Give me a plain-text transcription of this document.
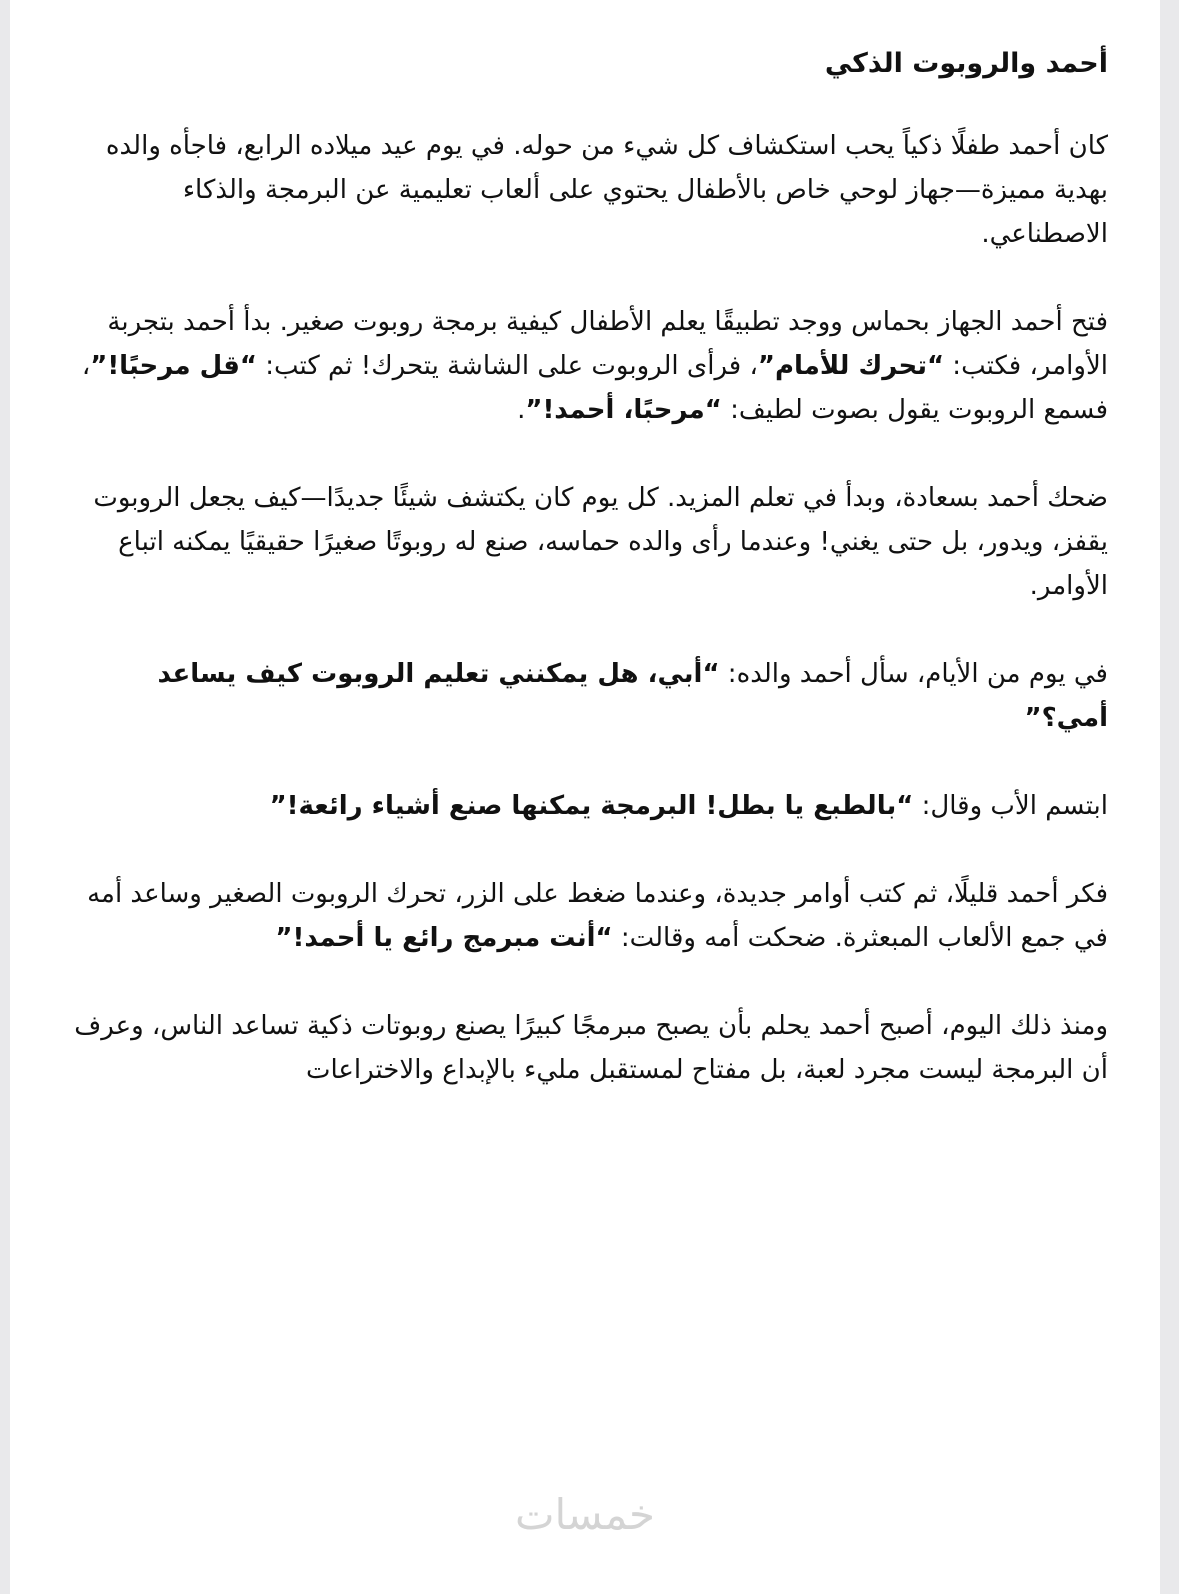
أحمد والروبوت الذكي

كان أحمد طفلًا ذكياً يحب استكشاف كل شيء من حوله. في يوم عيد ميلاده الرابع، فاجأه والده بهدية مميزة—جهاز لوحي خاص بالأطفال يحتوي على ألعاب تعليمية عن البرمجة والذكاء الاصطناعي.

فتح أحمد الجهاز بحماس ووجد تطبيقًا يعلم الأطفال كيفية برمجة روبوت صغير. بدأ أحمد بتجربة الأوامر، فكتب: “تحرك للأمام”، فرأى الروبوت على الشاشة يتحرك! ثم كتب: “قل مرحبًا!”، فسمع الروبوت يقول بصوت لطيف: “مرحبًا، أحمد!”.

ضحك أحمد بسعادة، وبدأ في تعلم المزيد. كل يوم كان يكتشف شيئًا جديدًا—كيف يجعل الروبوت يقفز، ويدور، بل حتى يغني! وعندما رأى والده حماسه، صنع له روبوتًا صغيرًا حقيقيًا يمكنه اتباع الأوامر.

في يوم من الأيام، سأل أحمد والده: “أبي، هل يمكنني تعليم الروبوت كيف يساعد أمي؟”

ابتسم الأب وقال: “بالطبع يا بطل! البرمجة يمكنها صنع أشياء رائعة!”

فكر أحمد قليلًا، ثم كتب أوامر جديدة، وعندما ضغط على الزر، تحرك الروبوت الصغير وساعد أمه في جمع الألعاب المبعثرة. ضحكت أمه وقالت: “أنت مبرمج رائع يا أحمد!”

ومنذ ذلك اليوم، أصبح أحمد يحلم بأن يصبح مبرمجًا كبيرًا يصنع روبوتات ذكية تساعد الناس، وعرف أن البرمجة ليست مجرد لعبة، بل مفتاح لمستقبل مليء بالإبداع والاختراعات

خمسات
